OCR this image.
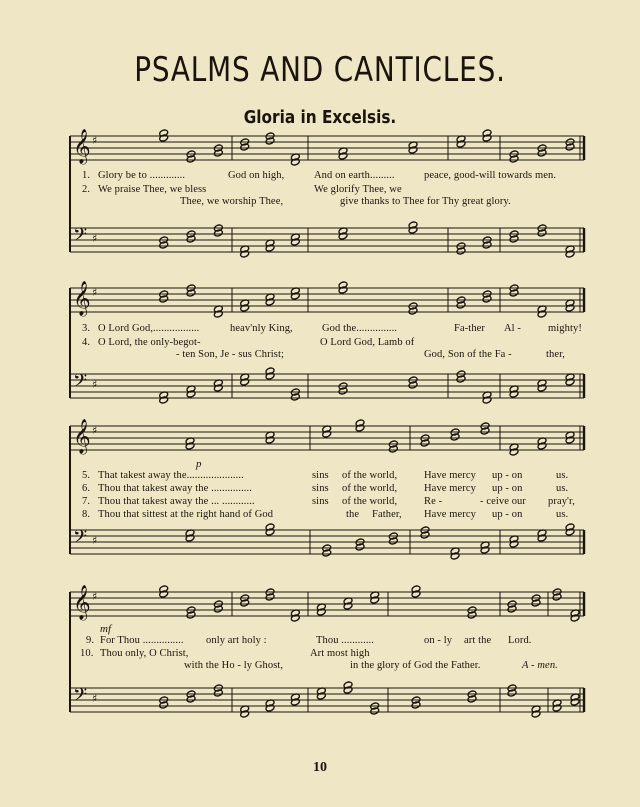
PSALMS AND CANTICLES.
Gloria in Excelsis.
𝄞 ♯
𝄢 ♯
𝄞 ♯
𝄢 ♯
𝄞 ♯
𝄢 ♯
𝄞 ♯
𝄢 ♯
1. Glory be to .............	God on high,	And on earth.........	peace, good-will towards men.
2. We praise Thee, we bless	We glorify Thee, we
Thee, we worship Thee,	give thanks to Thee for Thy great glory.
3. O Lord God,.................	heav'nly King,	God the...............	Fa-ther Al -	mighty!
4. O Lord, the only-begot-	O Lord God, Lamb of
- ten Son, Je - sus Christ;	God, Son of the Fa -	ther,
p
5. That takest away the.....................	sins of the world,	Have mercy up - on	us.
6. Thou that takest away the ...............	sins of the world,	Have mercy up - on	us.
7. Thou that takest away the ... ............	sins of the world,	Re -	- ceive our pray'r,
8. Thou that sittest at the right hand of God	the Father, Have mercy up - on	us.
mf
9. For Thou ............... only art holy :	Thou ............	on - ly art the Lord.
10. Thou only, O Christ,	Art most high
with the Ho - ly Ghost,	in the glory of God the Father.	A - men.
10
